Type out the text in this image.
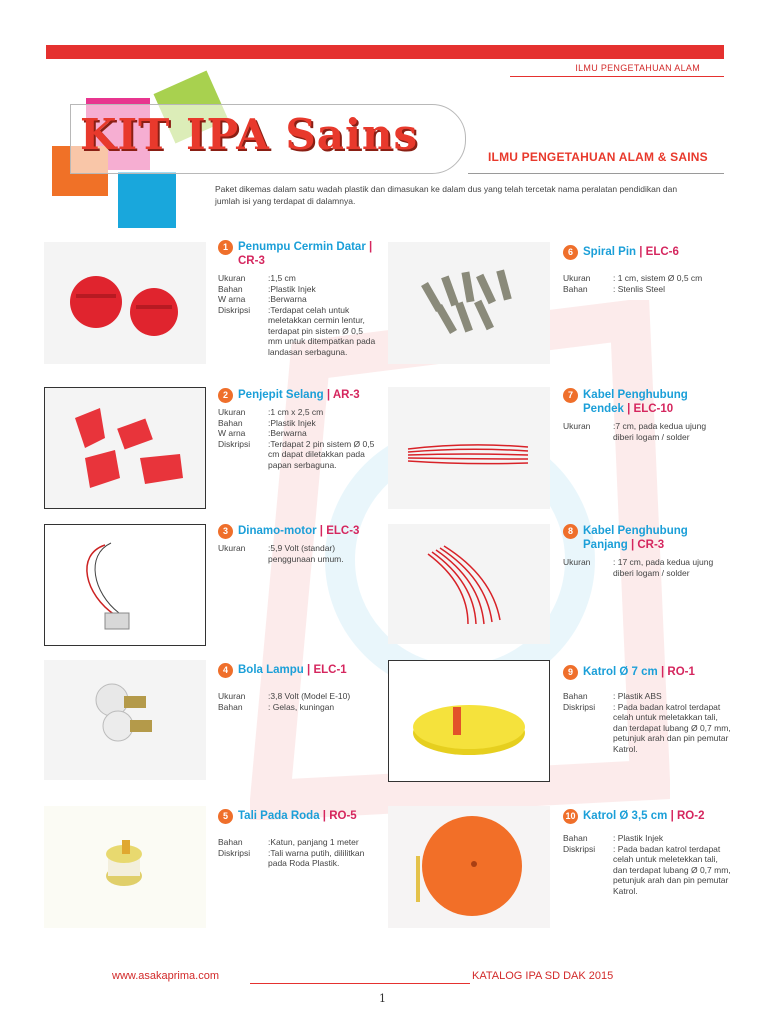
ILMU PENGETAHUAN ALAM
KIT IPA Sains	ILMU PENGETAHUAN ALAM & SAINS
Paket dikemas dalam satu wadah plastik dan dimasukan ke dalam dus yang telah tercetak nama peralatan pendidikan dan jumlah isi yang terdapat di dalamnya.
1 Penumpu Cermin Datar | CR-3
Ukuran	:1,5 cm
Bahan	:Plastik Injek
W arna	:Berwarna
Diskripsi	:Terdapat celah untuk meletakkan cermin lentur, terdapat pin sistem Ø 0,5 mm untuk ditempatkan pada landasan serbaguna.
2 Penjepit Selang | AR-3
Ukuran	:1 cm x 2,5 cm
Bahan	:Plastik Injek
W arna	:Berwarna
Diskripsi	:Terdapat 2 pin sistem Ø 0,5 cm dapat diletakkan pada papan serbaguna.
3 Dinamo-motor | ELC-3
Ukuran	:5,9 Volt (standar) penggunaan umum.
4 Bola Lampu | ELC-1
Ukuran	:3,8 Volt (Model E-10)
Bahan	: Gelas, kuningan
5 Tali Pada Roda | RO-5
Bahan	:Katun, panjang 1 meter
Diskripsi	:Tali warna putih, dililitkan pada Roda Plastik.
6 Spiral Pin | ELC-6
Ukuran	: 1 cm, sistem Ø 0,5 cm
Bahan	: Stenlis Steel
7 Kabel Penghubung Pendek | ELC-10
Ukuran	:7 cm, pada kedua ujung diberi logam / solder
8 Kabel Penghubung Panjang | CR-3
Ukuran	: 17 cm, pada kedua ujung diberi logam / solder
9 Katrol Ø 7 cm | RO-1
Bahan	: Plastik ABS
Diskripsi	: Pada badan katrol terdapat celah untuk meletakkan tali, dan terdapat lubang Ø 0,7 mm, petunjuk arah dan pin pemutar Katrol.
10 Katrol Ø 3,5 cm | RO-2
Bahan	: Plastik Injek
Diskripsi	: Pada badan katrol terdapat celah untuk meletekkan tali, dan terdapat lubang Ø 0,7 mm, petunjuk arah dan pin pemutar Katrol.
www.asakaprima.com	KATALOG IPA SD DAK 2015
1
